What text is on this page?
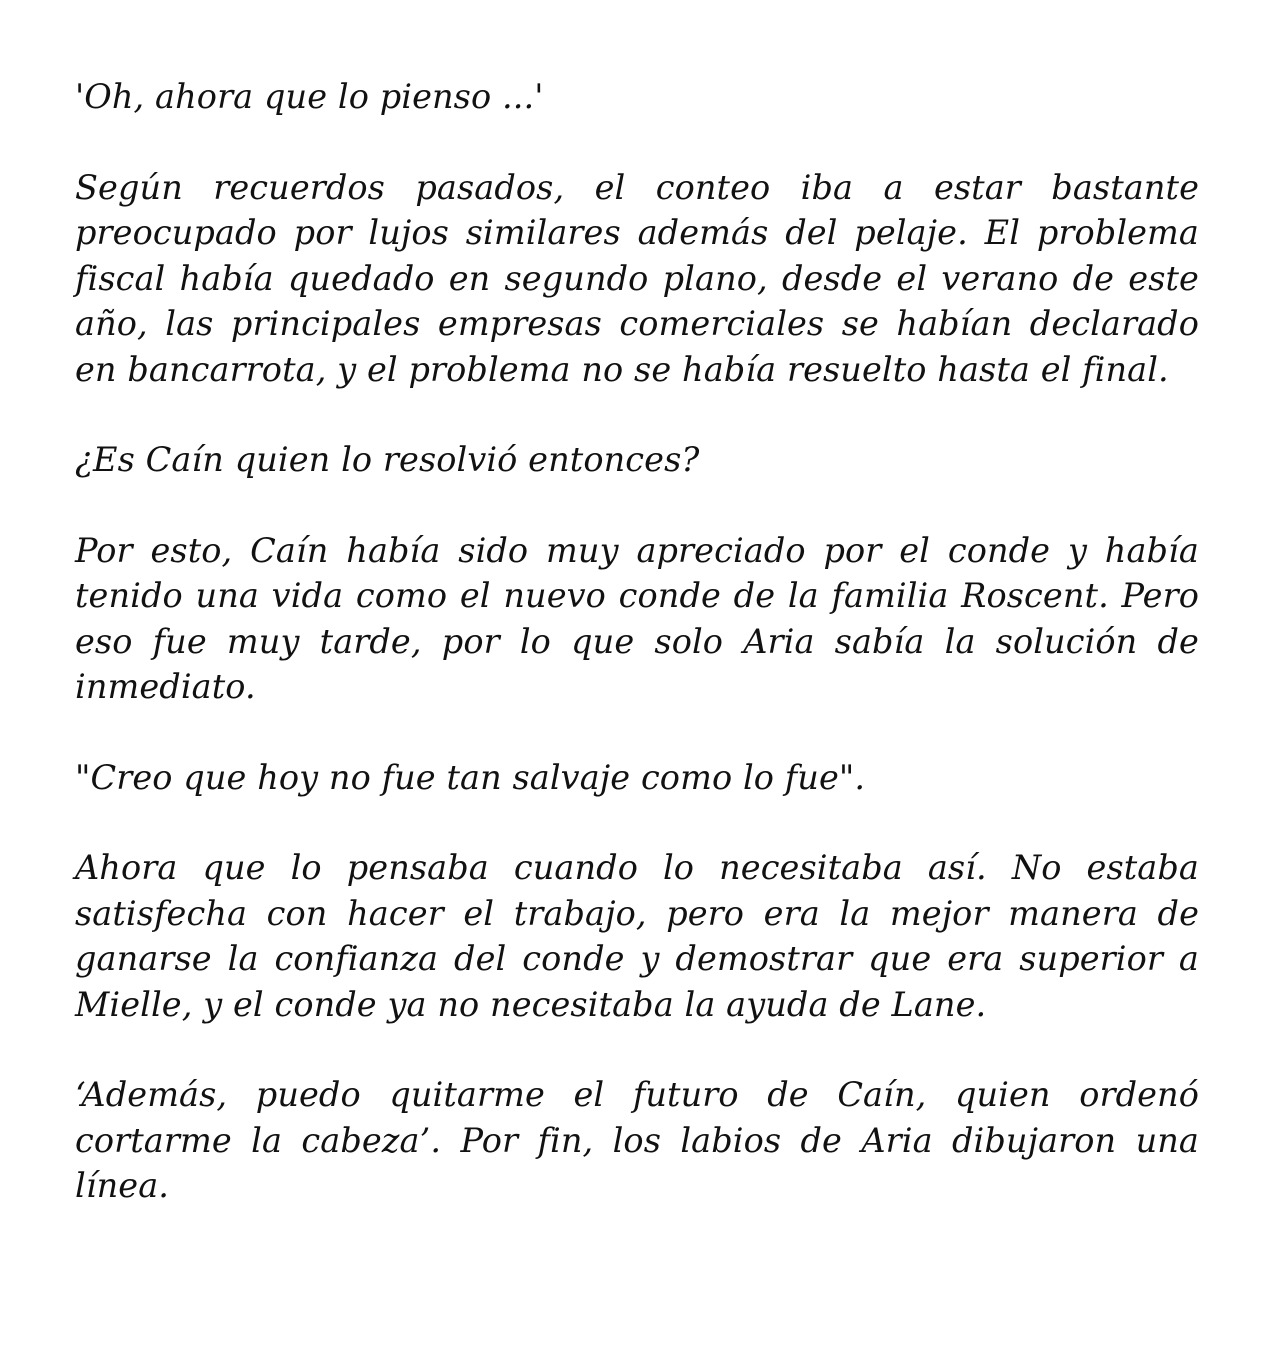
'Oh, ahora que lo pienso ...'

Según recuerdos pasados, el conteo iba a estar bastante preocupado por lujos similares además del pelaje. El problema fiscal había quedado en segundo plano, desde el verano de este año, las principales empresas comerciales se habían declarado en bancarrota, y el problema no se había resuelto hasta el final.

¿Es Caín quien lo resolvió entonces?

Por esto, Caín había sido muy apreciado por el conde y había tenido una vida como el nuevo conde de la familia Roscent. Pero eso fue muy tarde, por lo que solo Aria sabía la solución de inmediato.

"Creo que hoy no fue tan salvaje como lo fue".

Ahora que lo pensaba cuando lo necesitaba así. No estaba satisfecha con hacer el trabajo, pero era la mejor manera de ganarse la confianza del conde y demostrar que era superior a Mielle, y el conde ya no necesitaba la ayuda de Lane.

‘Además, puedo quitarme el futuro de Caín, quien ordenó cortarme la cabeza’. Por fin, los labios de Aria dibujaron una línea.
